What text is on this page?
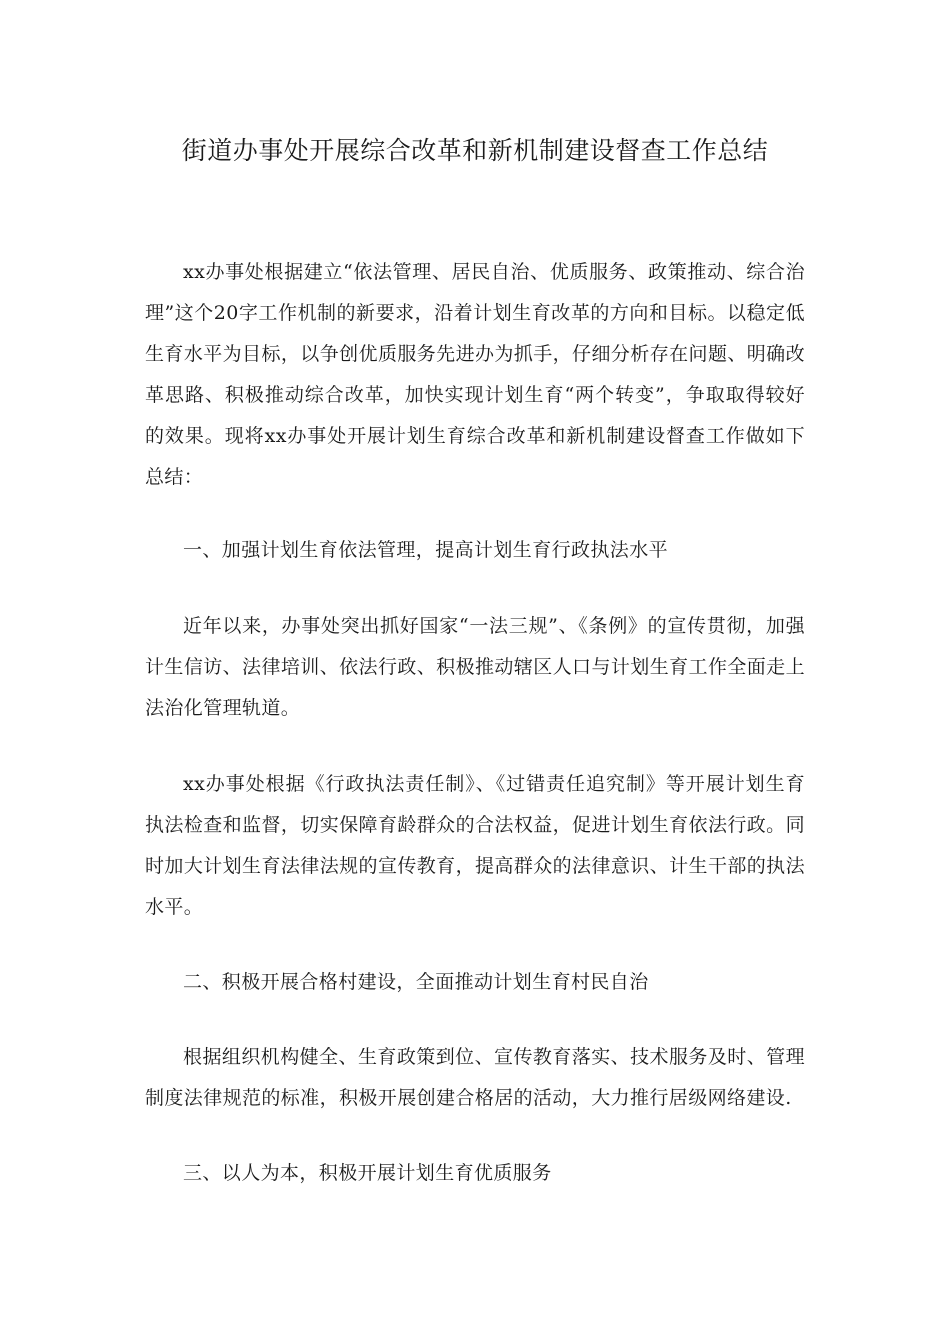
街道办事处开展综合改革和新机制建设督查工作总结

xx办事处根据建立“依法管理、居民自治、优质服务、政策推动、综合治理”这个20字工作机制的新要求，沿着计划生育改革的方向和目标。以稳定低生育水平为目标，以争创优质服务先进办为抓手，仔细分析存在问题、明确改革思路、积极推动综合改革，加快实现计划生育“两个转变”，争取取得较好的效果。现将xx办事处开展计划生育综合改革和新机制建设督查工作做如下总结：

一、加强计划生育依法管理，提高计划生育行政执法水平

近年以来，办事处突出抓好国家“一法三规”、《条例》的宣传贯彻，加强计生信访、法律培训、依法行政、积极推动辖区人口与计划生育工作全面走上法治化管理轨道。

xx办事处根据《行政执法责任制》、《过错责任追究制》等开展计划生育执法检查和监督，切实保障育龄群众的合法权益，促进计划生育依法行政。同时加大计划生育法律法规的宣传教育，提高群众的法律意识、计生干部的执法水平。

二、积极开展合格村建设，全面推动计划生育村民自治

根据组织机构健全、生育政策到位、宣传教育落实、技术服务及时、管理制度法律规范的标准，积极开展创建合格居的活动，大力推行居级网络建设.

三、以人为本，积极开展计划生育优质服务
